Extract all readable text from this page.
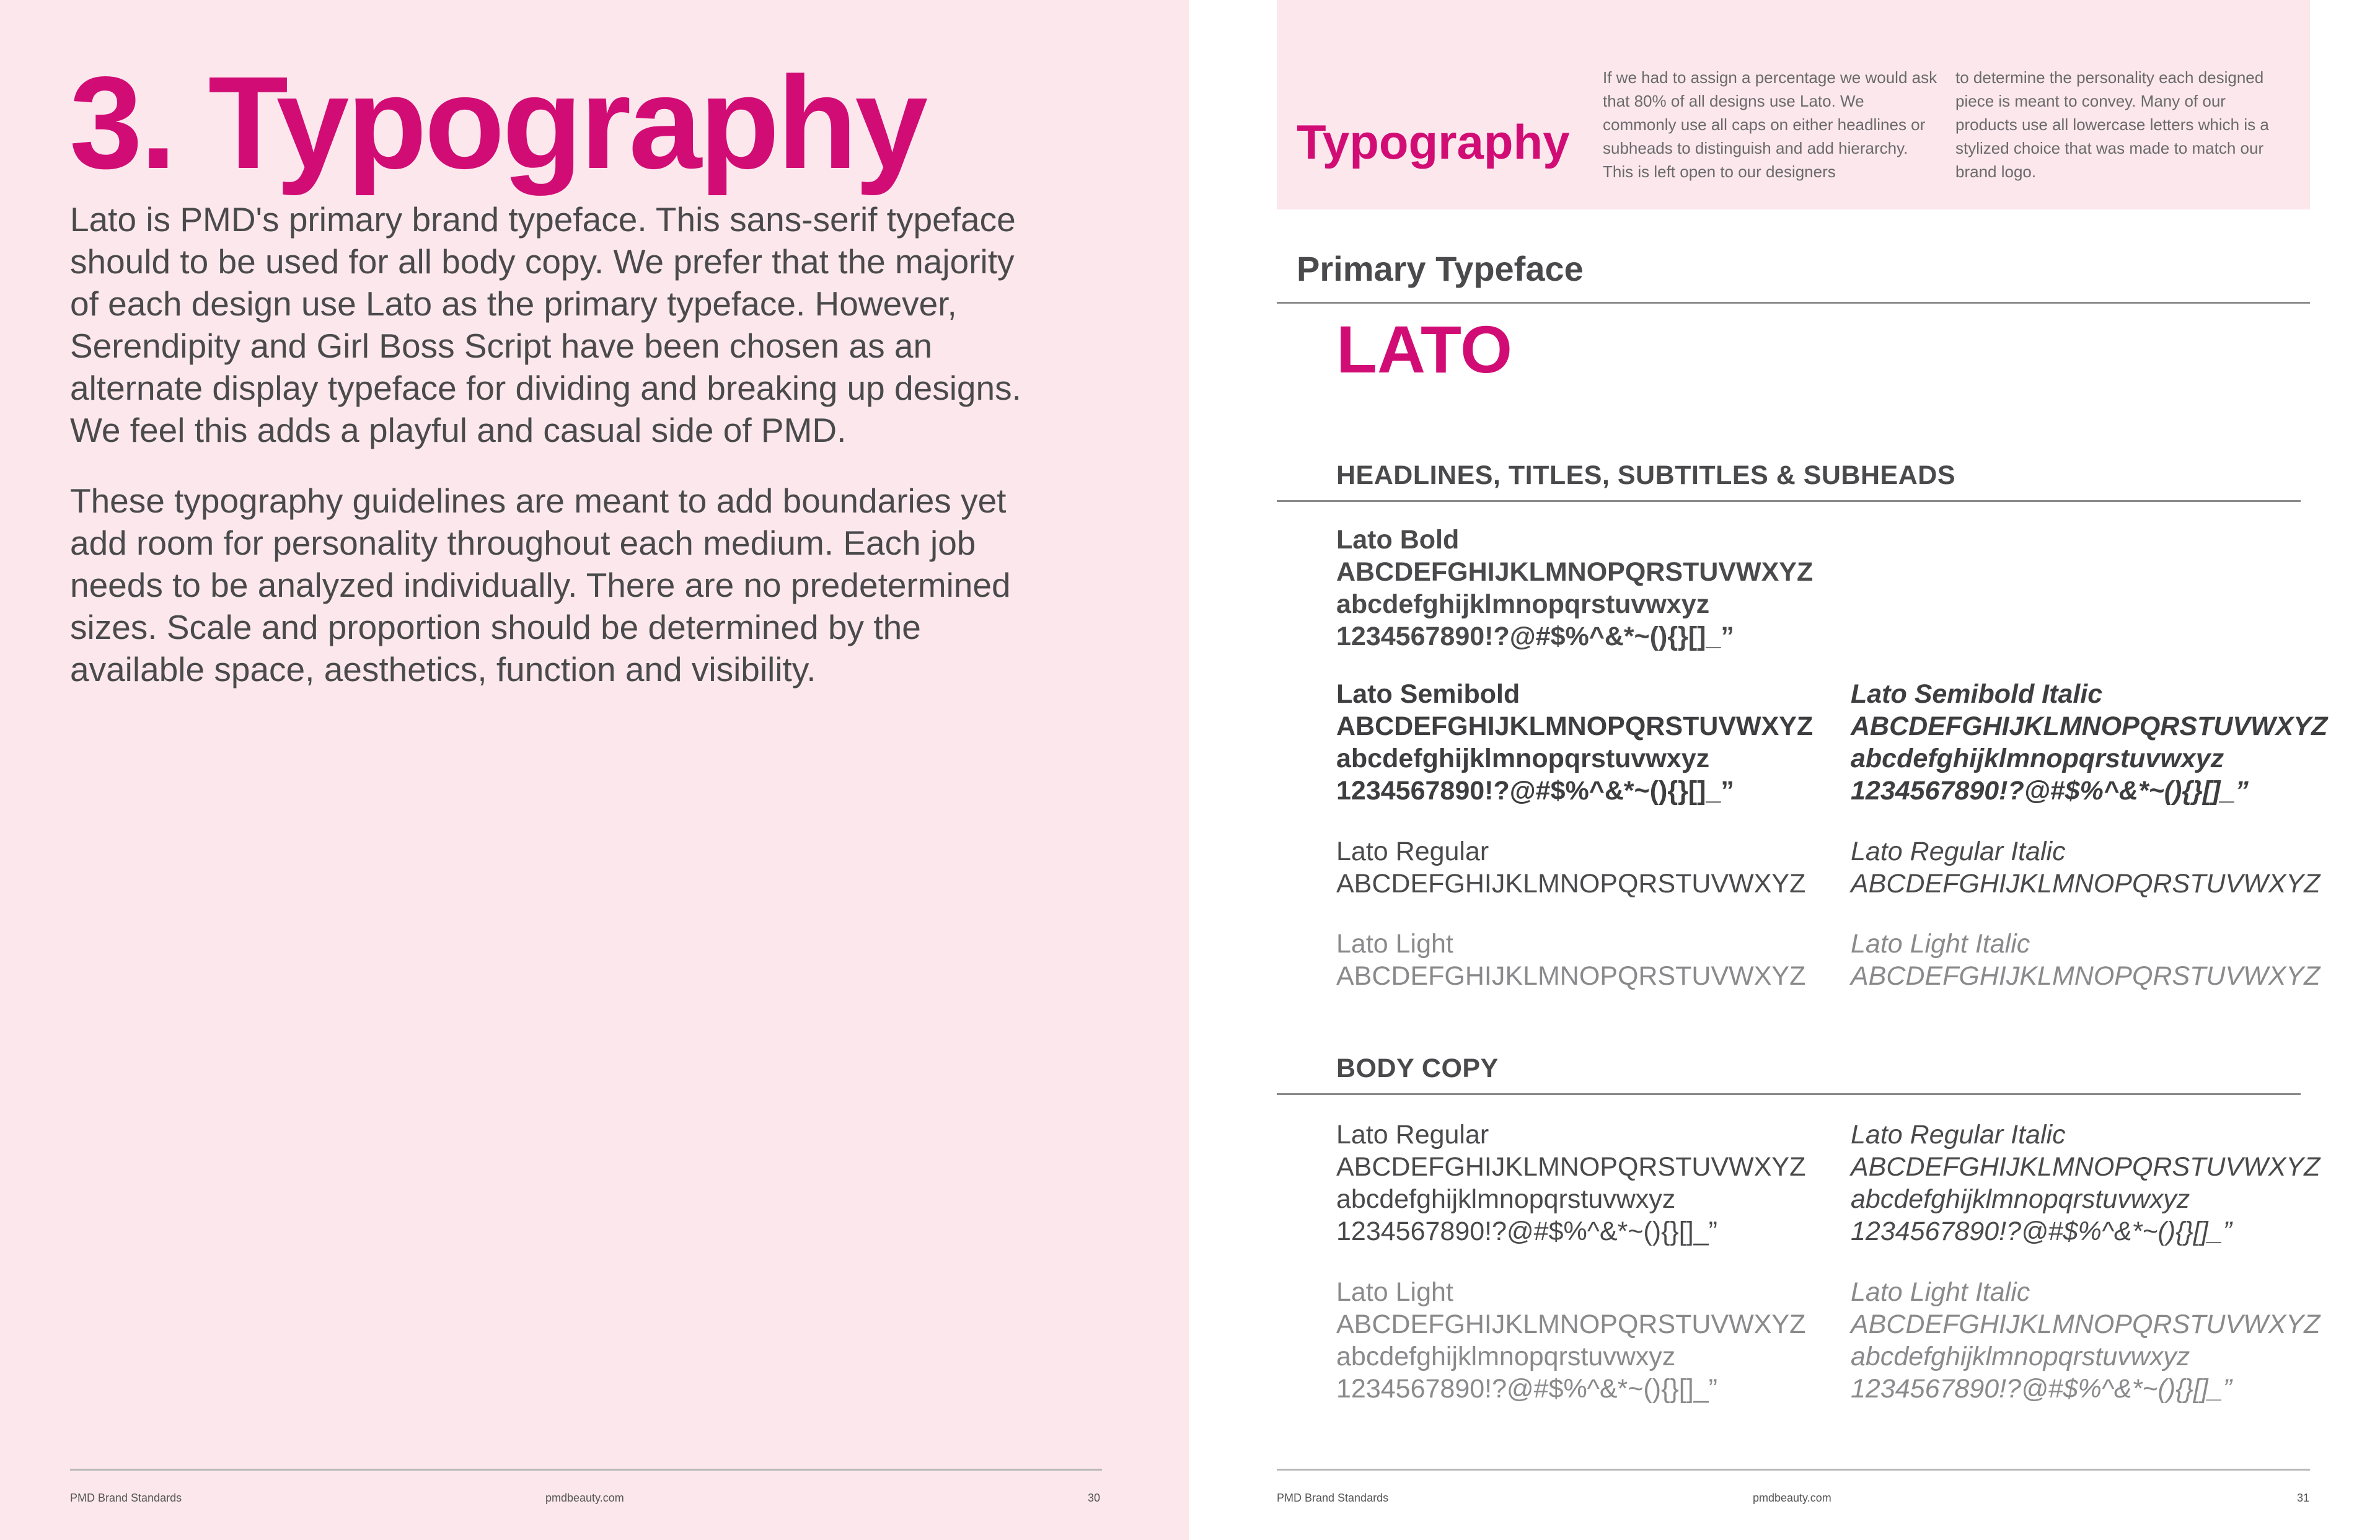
3. Typography

Lato is PMD's primary brand typeface. This sans-serif typeface should to be used for all body copy. We prefer that the majority of each design use Lato as the primary typeface. However, Serendipity and Girl Boss Script have been chosen as an alternate display typeface for dividing and breaking up designs. We feel this adds a playful and casual side of PMD.

These typography guidelines are meant to add boundaries yet add room for personality throughout each medium. Each job needs to be analyzed individually. There are no predetermined sizes. Scale and proportion should be determined by the available space, aesthetics, function and visibility.

PMD Brand Standards	pmdbeauty.com	30
Typography

If we had to assign a percentage we would ask that 80% of all designs use Lato. We commonly use all caps on either headlines or subheads to distinguish and add hierarchy. This is left open to our designers

to determine the personality each designed piece is meant to convey. Many of our products use all lowercase letters which is a stylized choice that was made to match our brand logo.

Primary Typeface
LATO
HEADLINES, TITLES, SUBTITLES & SUBHEADS
Lato Bold
ABCDEFGHIJKLMNOPQRSTUVWXYZ
abcdefghijklmnopqrstuvwxyz
1234567890!?@#$%^&*~(){}[]_”
Lato Semibold
ABCDEFGHIJKLMNOPQRSTUVWXYZ
abcdefghijklmnopqrstuvwxyz
1234567890!?@#$%^&*~(){}[]_”
Lato Semibold Italic
ABCDEFGHIJKLMNOPQRSTUVWXYZ
abcdefghijklmnopqrstuvwxyz
1234567890!?@#$%^&*~(){}[]_”
Lato Regular
ABCDEFGHIJKLMNOPQRSTUVWXYZ
Lato Regular Italic
ABCDEFGHIJKLMNOPQRSTUVWXYZ
Lato Light
ABCDEFGHIJKLMNOPQRSTUVWXYZ
Lato Light Italic
ABCDEFGHIJKLMNOPQRSTUVWXYZ
BODY COPY
Lato Regular
ABCDEFGHIJKLMNOPQRSTUVWXYZ
abcdefghijklmnopqrstuvwxyz
1234567890!?@#$%^&*~(){}[]_”
Lato Regular Italic
ABCDEFGHIJKLMNOPQRSTUVWXYZ
abcdefghijklmnopqrstuvwxyz
1234567890!?@#$%^&*~(){}[]_”
Lato Light
ABCDEFGHIJKLMNOPQRSTUVWXYZ
abcdefghijklmnopqrstuvwxyz
1234567890!?@#$%^&*~(){}[]_”
Lato Light Italic
ABCDEFGHIJKLMNOPQRSTUVWXYZ
abcdefghijklmnopqrstuvwxyz
1234567890!?@#$%^&*~(){}[]_”
PMD Brand Standards	pmdbeauty.com	31
